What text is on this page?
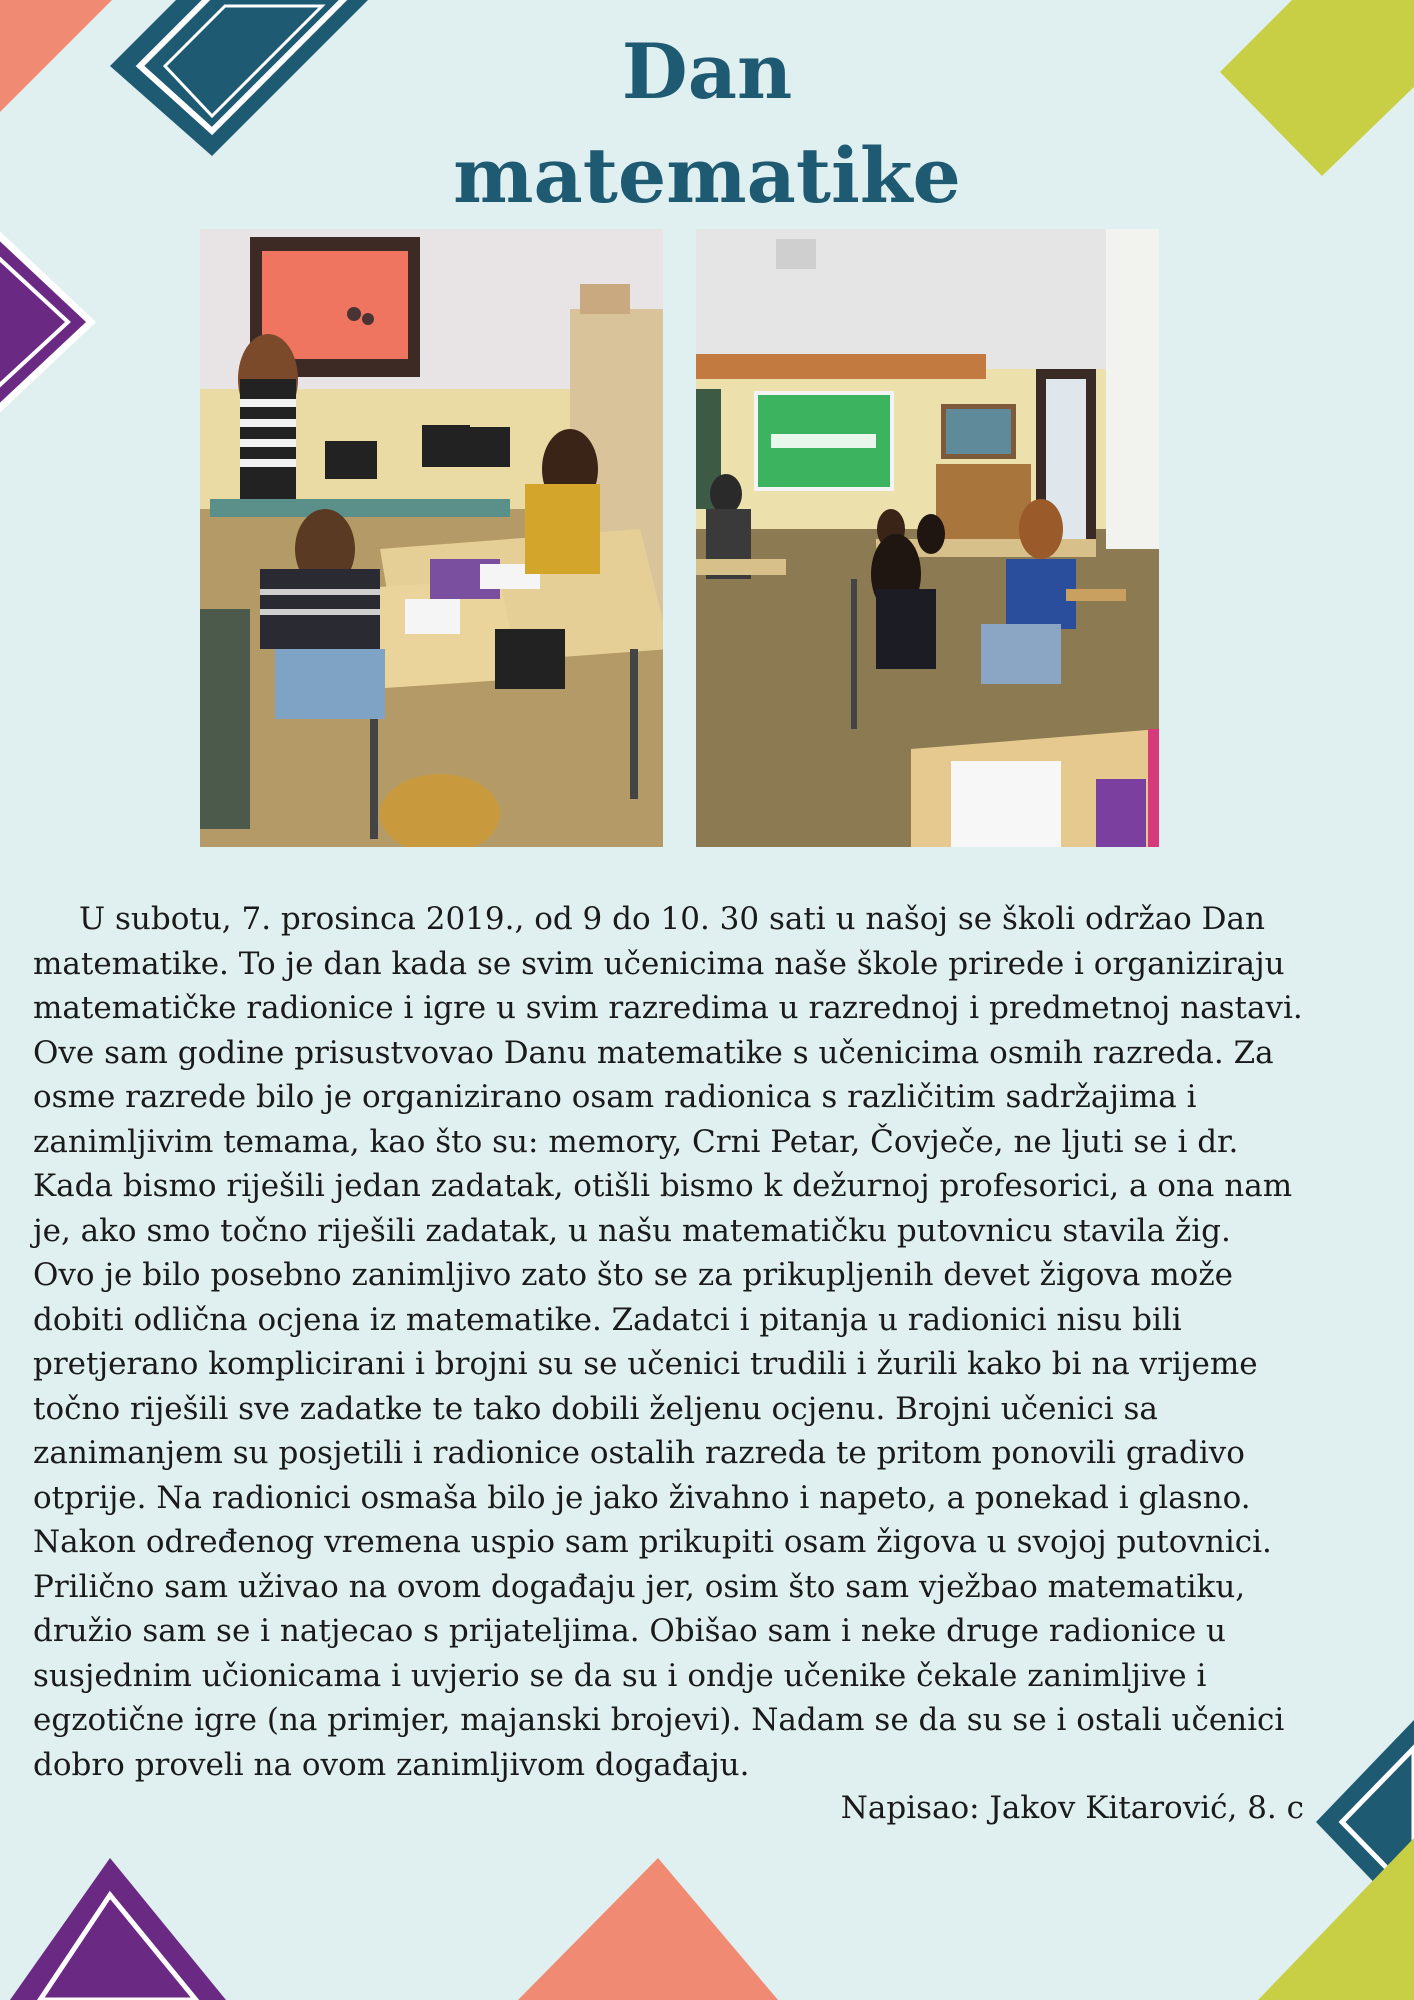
Dan
matematike
U subotu, 7. prosinca 2019., od 9 do 10. 30 sati u našoj se školi održao Dan
matematike. To je dan kada se svim učenicima naše škole prirede i organiziraju
matematičke radionice i igre u svim razredima u razrednoj i predmetnoj nastavi.
Ove sam godine prisustvovao Danu matematike s učenicima osmih razreda. Za
osme razrede bilo je organizirano osam radionica s različitim sadržajima i
zanimljivim temama, kao što su: memory, Crni Petar, Čovječe, ne ljuti se i dr.
Kada bismo riješili jedan zadatak, otišli bismo k dežurnoj profesorici, a ona nam
je, ako smo točno riješili zadatak, u našu matematičku putovnicu stavila žig.
Ovo je bilo posebno zanimljivo zato što se za prikupljenih devet žigova može
dobiti odlična ocjena iz matematike. Zadatci i pitanja u radionici nisu bili
pretjerano komplicirani i brojni su se učenici trudili i žurili kako bi na vrijeme
točno riješili sve zadatke te tako dobili željenu ocjenu. Brojni učenici sa
zanimanjem su posjetili i radionice ostalih razreda te pritom ponovili gradivo
otprije. Na radionici osmaša bilo je jako živahno i napeto, a ponekad i glasno.
Nakon određenog vremena uspio sam prikupiti osam žigova u svojoj putovnici.
Prilično sam uživao na ovom događaju jer, osim što sam vježbao matematiku,
družio sam se i natjecao s prijateljima. Obišao sam i neke druge radionice u
susjednim učionicama i uvjerio se da su i ondje učenike čekale zanimljive i
egzotične igre (na primjer, majanski brojevi). Nadam se da su se i ostali učenici
dobro proveli na ovom zanimljivom događaju.
Napisao: Jakov Kitarović, 8. c
